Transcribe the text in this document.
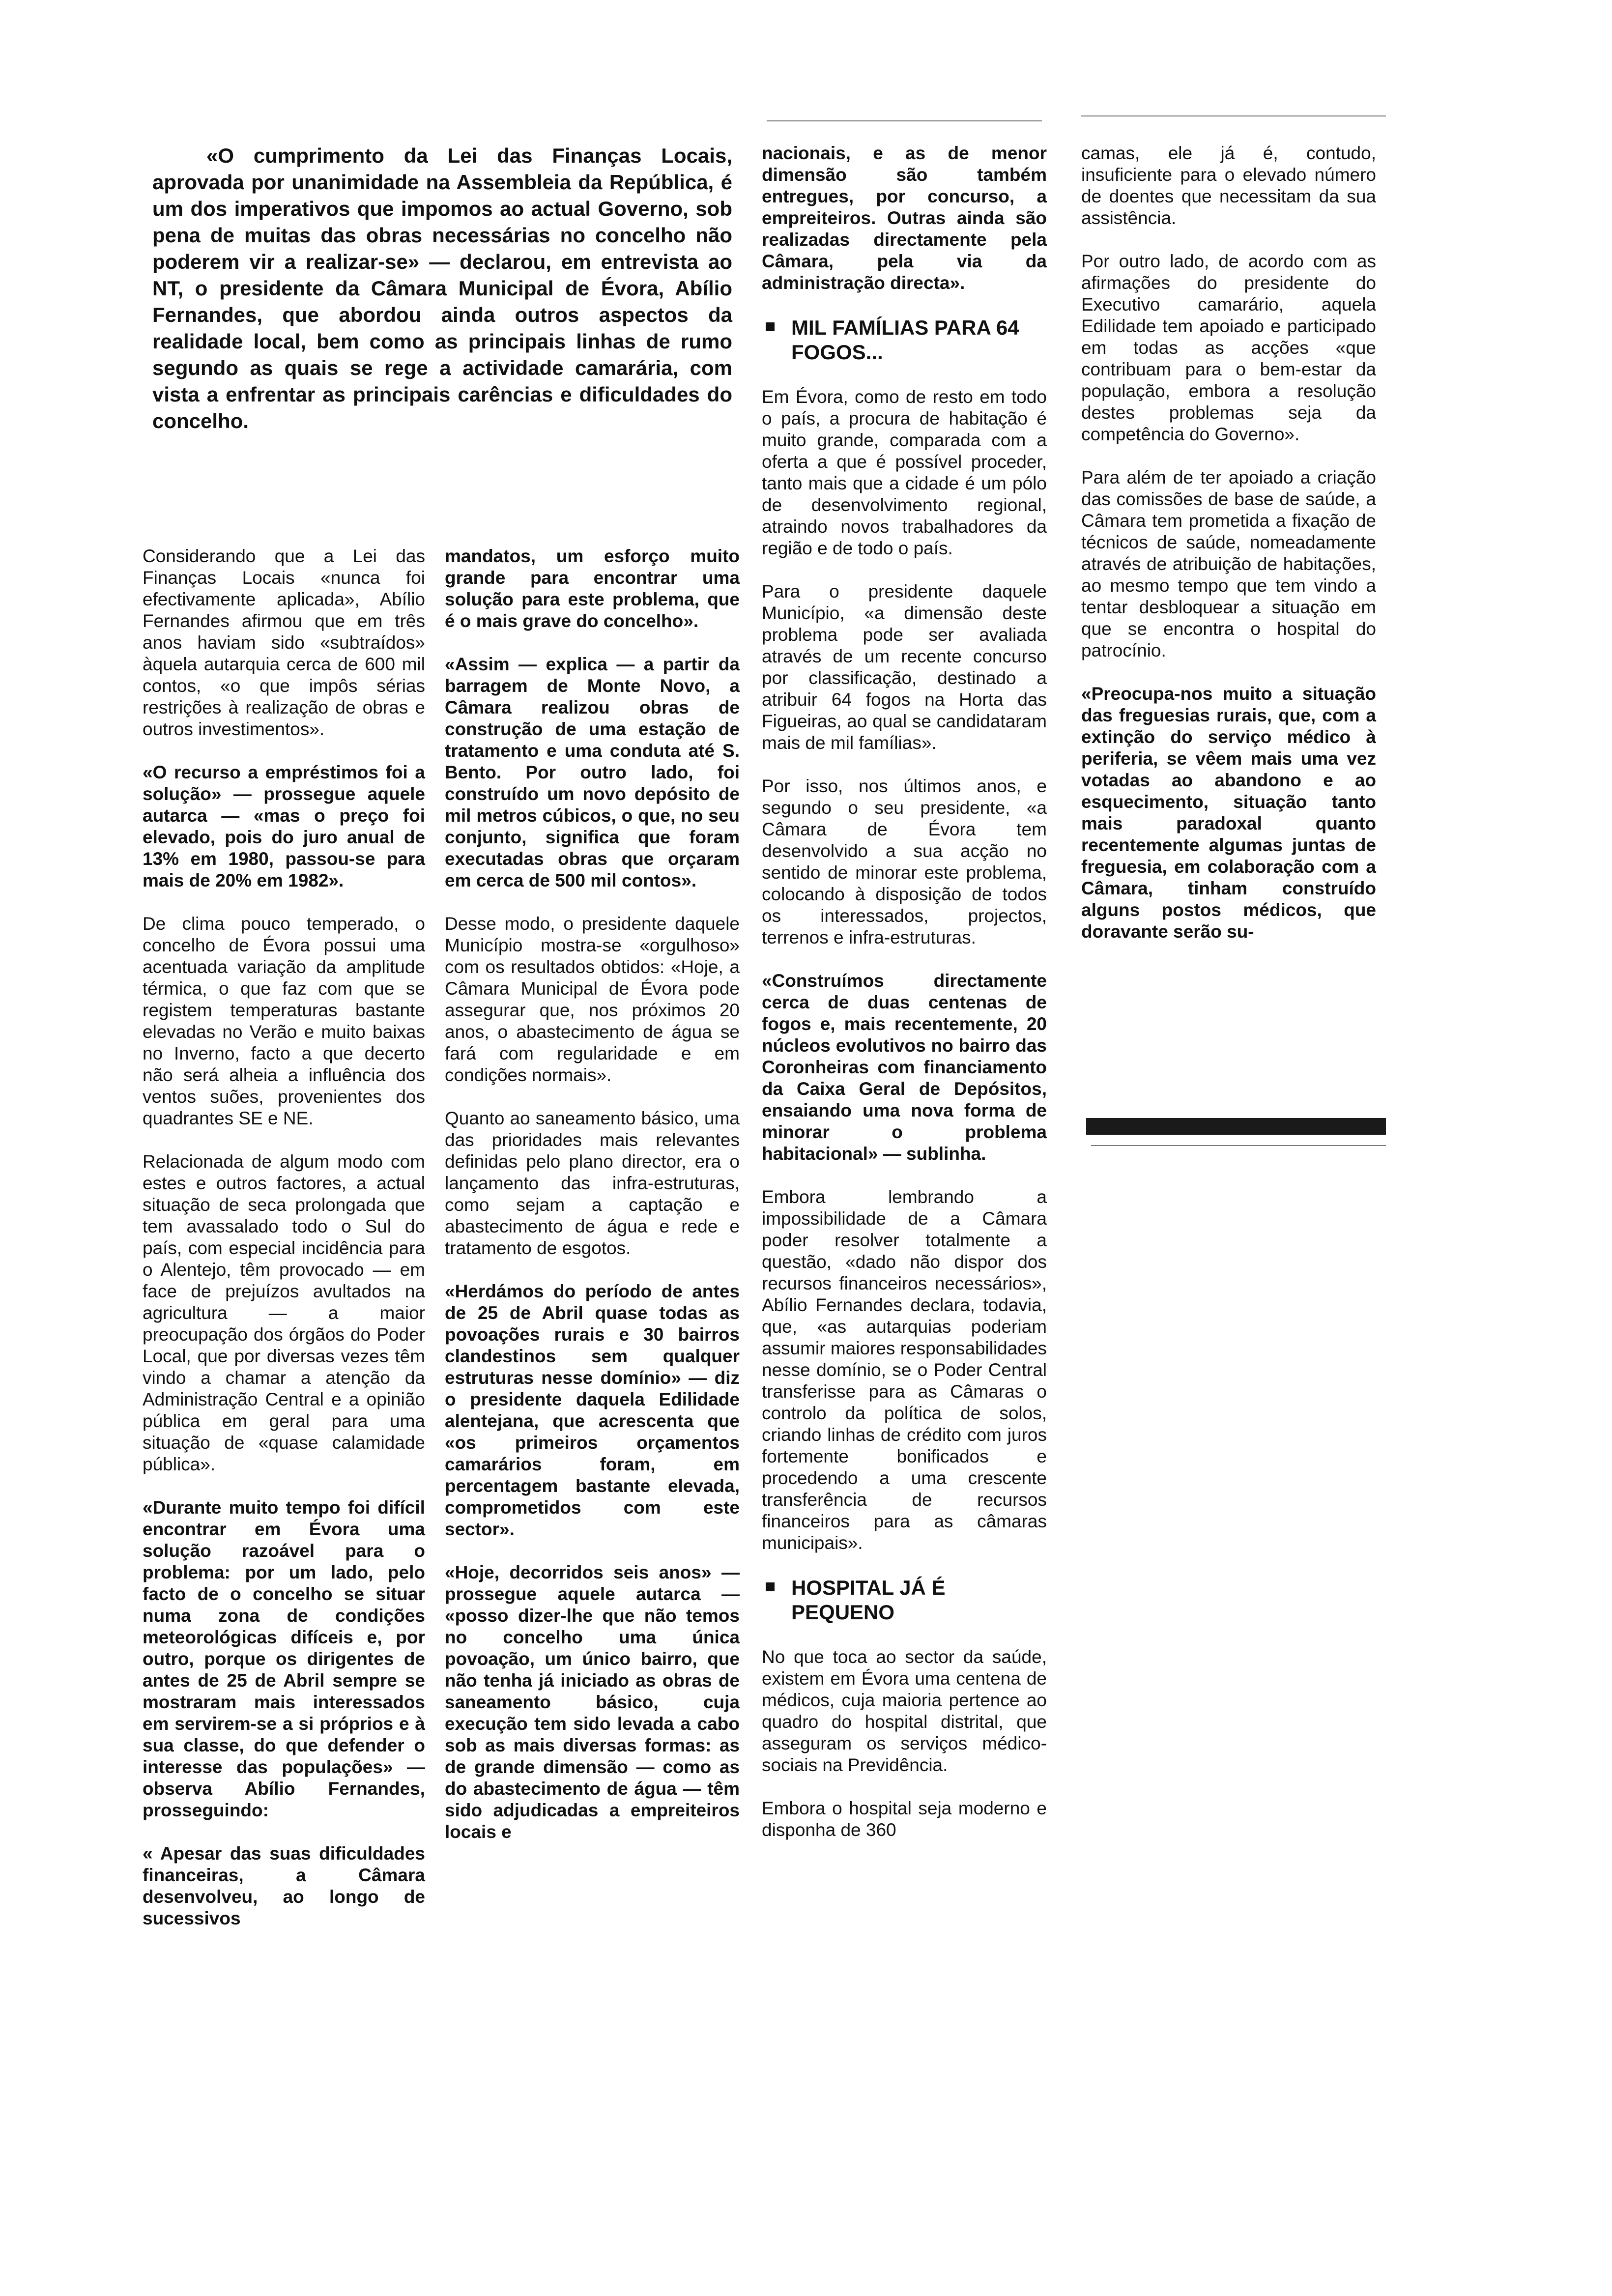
«O cumprimento da Lei das Finanças Locais, aprovada por unanimidade na Assembleia da República, é um dos imperativos que impomos ao actual Governo, sob pena de muitas das obras necessárias no concelho não poderem vir a realizar-se» — declarou, em entrevista ao NT, o presidente da Câmara Municipal de Évora, Abílio Fernandes, que abordou ainda outros aspectos da realidade local, bem como as principais linhas de rumo segundo as quais se rege a actividade camarária, com vista a enfrentar as principais carências e dificuldades do concelho.

Considerando que a Lei das Finanças Locais «nunca foi efectivamente aplicada», Abílio Fernandes afirmou que em três anos haviam sido «subtraídos» àquela autarquia cerca de 600 mil contos, «o que impôs sérias restrições à realização de obras e outros investimentos».

«O recurso a empréstimos foi a solução» — prossegue aquele autarca — «mas o preço foi elevado, pois do juro anual de 13% em 1980, passou-se para mais de 20% em 1982».

De clima pouco temperado, o concelho de Évora possui uma acentuada variação da amplitude térmica, o que faz com que se registem temperaturas bastante elevadas no Verão e muito baixas no Inverno, facto a que decerto não será alheia a influência dos ventos suões, provenientes dos quadrantes SE e NE.

Relacionada de algum modo com estes e outros factores, a actual situação de seca prolongada que tem avassalado todo o Sul do país, com especial incidência para o Alentejo, têm provocado — em face de prejuízos avultados na agricultura — a maior preocupação dos órgãos do Poder Local, que por diversas vezes têm vindo a chamar a atenção da Administração Central e a opinião pública em geral para uma situação de «quase calamidade pública».

«Durante muito tempo foi difícil encontrar em Évora uma solução razoável para o problema: por um lado, pelo facto de o concelho se situar numa zona de condições meteorológicas difíceis e, por outro, porque os dirigentes de antes de 25 de Abril sempre se mostraram mais interessados em servirem-se a si próprios e à sua classe, do que defender o interesse das populações» — observa Abílio Fernandes, prosseguindo:

« Apesar das suas dificuldades financeiras, a Câmara desenvolveu, ao longo de sucessivos

mandatos, um esforço muito grande para encontrar uma solução para este problema, que é o mais grave do concelho».

«Assim — explica — a partir da barragem de Monte Novo, a Câmara realizou obras de construção de uma estação de tratamento e uma conduta até S. Bento. Por outro lado, foi construído um novo depósito de mil metros cúbicos, o que, no seu conjunto, significa que foram executadas obras que orçaram em cerca de 500 mil contos».

Desse modo, o presidente daquele Município mostra-se «orgulhoso» com os resultados obtidos: «Hoje, a Câmara Municipal de Évora pode assegurar que, nos próximos 20 anos, o abastecimento de água se fará com regularidade e em condições normais».

Quanto ao saneamento básico, uma das prioridades mais relevantes definidas pelo plano director, era o lançamento das infra-estruturas, como sejam a captação e abastecimento de água e rede e tratamento de esgotos.

«Herdámos do período de antes de 25 de Abril quase todas as povoações rurais e 30 bairros clandestinos sem qualquer estruturas nesse domínio» — diz o presidente daquela Edilidade alentejana, que acrescenta que «os primeiros orçamentos camarários foram, em percentagem bastante elevada, comprometidos com este sector».

«Hoje, decorridos seis anos» — prossegue aquele autarca — «posso dizer-lhe que não temos no concelho uma única povoação, um único bairro, que não tenha já iniciado as obras de saneamento básico, cuja execução tem sido levada a cabo sob as mais diversas formas: as de grande dimensão — como as do abastecimento de água — têm sido adjudicadas a empreiteiros locais e

nacionais, e as de menor dimensão são também entregues, por concurso, a empreiteiros. Outras ainda são realizadas directamente pela Câmara, pela via da administração directa».

MIL FAMÍLIAS PARA 64 FOGOS...

Em Évora, como de resto em todo o país, a procura de habitação é muito grande, comparada com a oferta a que é possível proceder, tanto mais que a cidade é um pólo de desenvolvimento regional, atraindo novos trabalhadores da região e de todo o país.

Para o presidente daquele Município, «a dimensão deste problema pode ser avaliada através de um recente concurso por classificação, destinado a atribuir 64 fogos na Horta das Figueiras, ao qual se candidataram mais de mil famílias».

Por isso, nos últimos anos, e segundo o seu presidente, «a Câmara de Évora tem desenvolvido a sua acção no sentido de minorar este problema, colocando à disposição de todos os interessados, projectos, terrenos e infra-estruturas.

«Construímos directamente cerca de duas centenas de fogos e, mais recentemente, 20 núcleos evolutivos no bairro das Coronheiras com financiamento da Caixa Geral de Depósitos, ensaiando uma nova forma de minorar o problema habitacional» — sublinha.

Embora lembrando a impossibilidade de a Câmara poder resolver totalmente a questão, «dado não dispor dos recursos financeiros necessários», Abílio Fernandes declara, todavia, que, «as autarquias poderiam assumir maiores responsabilidades nesse domínio, se o Poder Central transferisse para as Câmaras o controlo da política de solos, criando linhas de crédito com juros fortemente bonificados e procedendo a uma crescente transferência de recursos financeiros para as câmaras municipais».

HOSPITAL JÁ É PEQUENO

No que toca ao sector da saúde, existem em Évora uma centena de médicos, cuja maioria pertence ao quadro do hospital distrital, que asseguram os serviços médico-sociais na Previdência.

Embora o hospital seja moderno e disponha de 360

camas, ele já é, contudo, insuficiente para o elevado número de doentes que necessitam da sua assistência.

Por outro lado, de acordo com as afirmações do presidente do Executivo camarário, aquela Edilidade tem apoiado e participado em todas as acções «que contribuam para o bem-estar da população, embora a resolução destes problemas seja da competência do Governo».

Para além de ter apoiado a criação das comissões de base de saúde, a Câmara tem prometida a fixação de técnicos de saúde, nomeadamente através de atribuição de habitações, ao mesmo tempo que tem vindo a tentar desbloquear a situação em que se encontra o hospital do patrocínio.

«Preocupa-nos muito a situação das freguesias rurais, que, com a extinção do serviço médico à periferia, se vêem mais uma vez votadas ao abandono e ao esquecimento, situação tanto mais paradoxal quanto recentemente algumas juntas de freguesia, em colaboração com a Câmara, tinham construído alguns postos médicos, que doravante serão su-
